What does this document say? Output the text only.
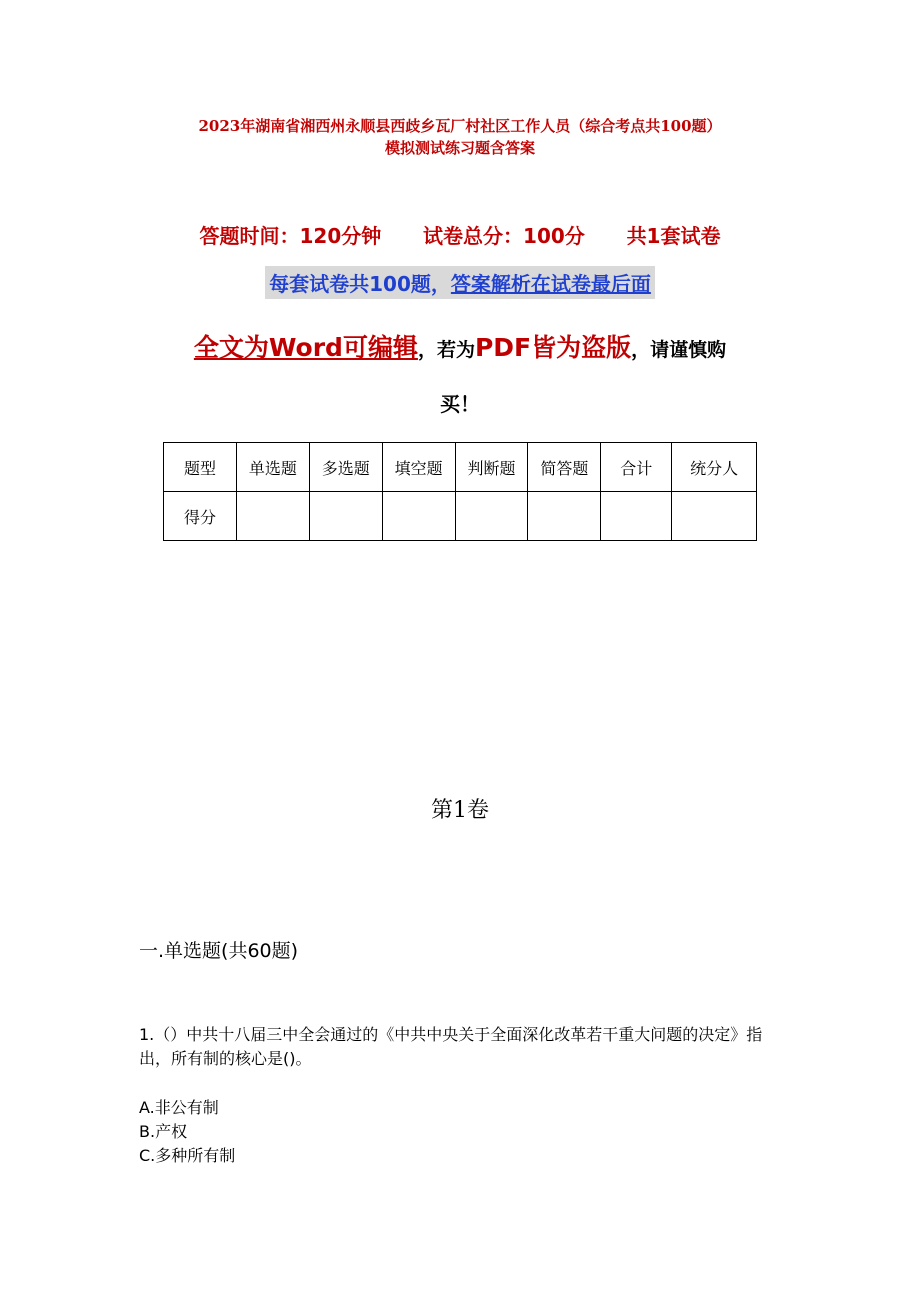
2023年湖南省湘西州永顺县西歧乡瓦厂村社区工作人员（综合考点共100题）
模拟测试练习题含答案
答题时间：120分钟 试卷总分：100分 共1套试卷
每套试卷共100题，答案解析在试卷最后面
全文为Word可编辑，若为PDF皆为盗版，请谨慎购
买！
题型	单选题	多选题	填空题	判断题	简答题	合计	统分人
得分							
第1卷
一.单选题(共60题)
1.（）中共十八届三中全会通过的《中共中央关于全面深化改革若干重大问题的决定》指出，所有制的核心是()。
A.非公有制
B.产权
C.多种所有制
